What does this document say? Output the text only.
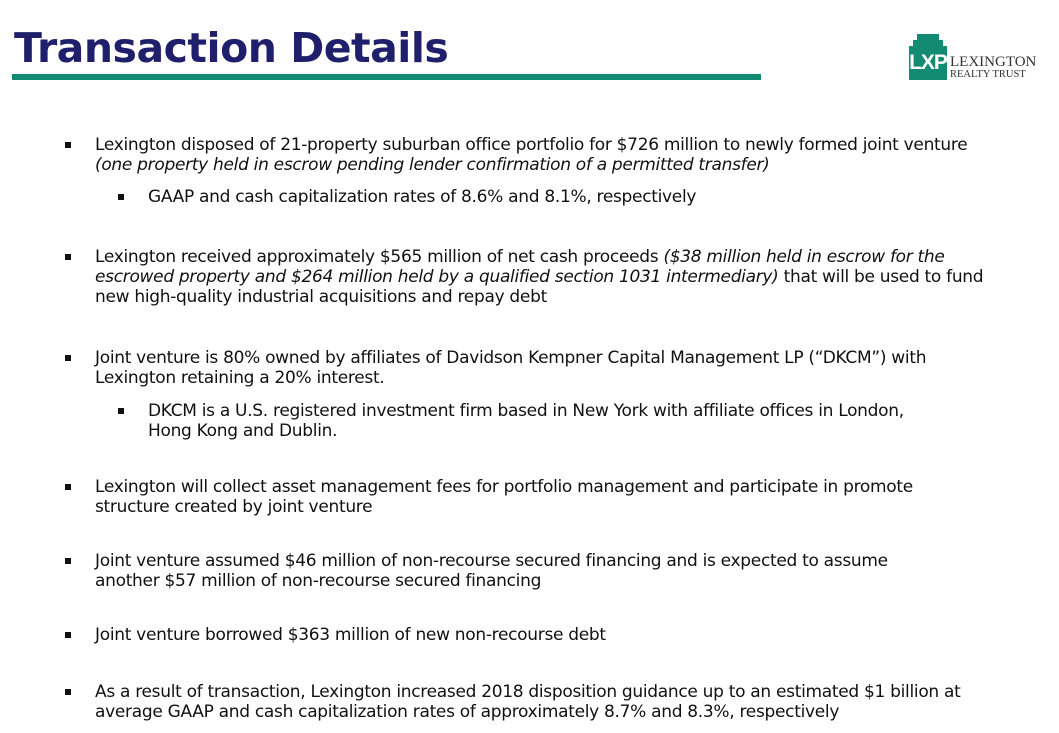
Transaction Details	LXP LEXINGTON
REALTY TRUST
Lexington disposed of 21-property suburban office portfolio for $726 million to newly formed joint venture (one property held in escrow pending lender confirmation of a permitted transfer)
GAAP and cash capitalization rates of 8.6% and 8.1%, respectively
Lexington received approximately $565 million of net cash proceeds ($38 million held in escrow for the escrowed property and $264 million held by a qualified section 1031 intermediary) that will be used to fund new high-quality industrial acquisitions and repay debt
Joint venture is 80% owned by affiliates of Davidson Kempner Capital Management LP (“DKCM”) with Lexington retaining a 20% interest.
DKCM is a U.S. registered investment firm based in New York with affiliate offices in London, Hong Kong and Dublin.
Lexington will collect asset management fees for portfolio management and participate in promote structure created by joint venture
Joint venture assumed $46 million of non-recourse secured financing and is expected to assume another $57 million of non-recourse secured financing
Joint venture borrowed $363 million of new non-recourse debt
As a result of transaction, Lexington increased 2018 disposition guidance up to an estimated $1 billion at average GAAP and cash capitalization rates of approximately 8.7% and 8.3%, respectively
